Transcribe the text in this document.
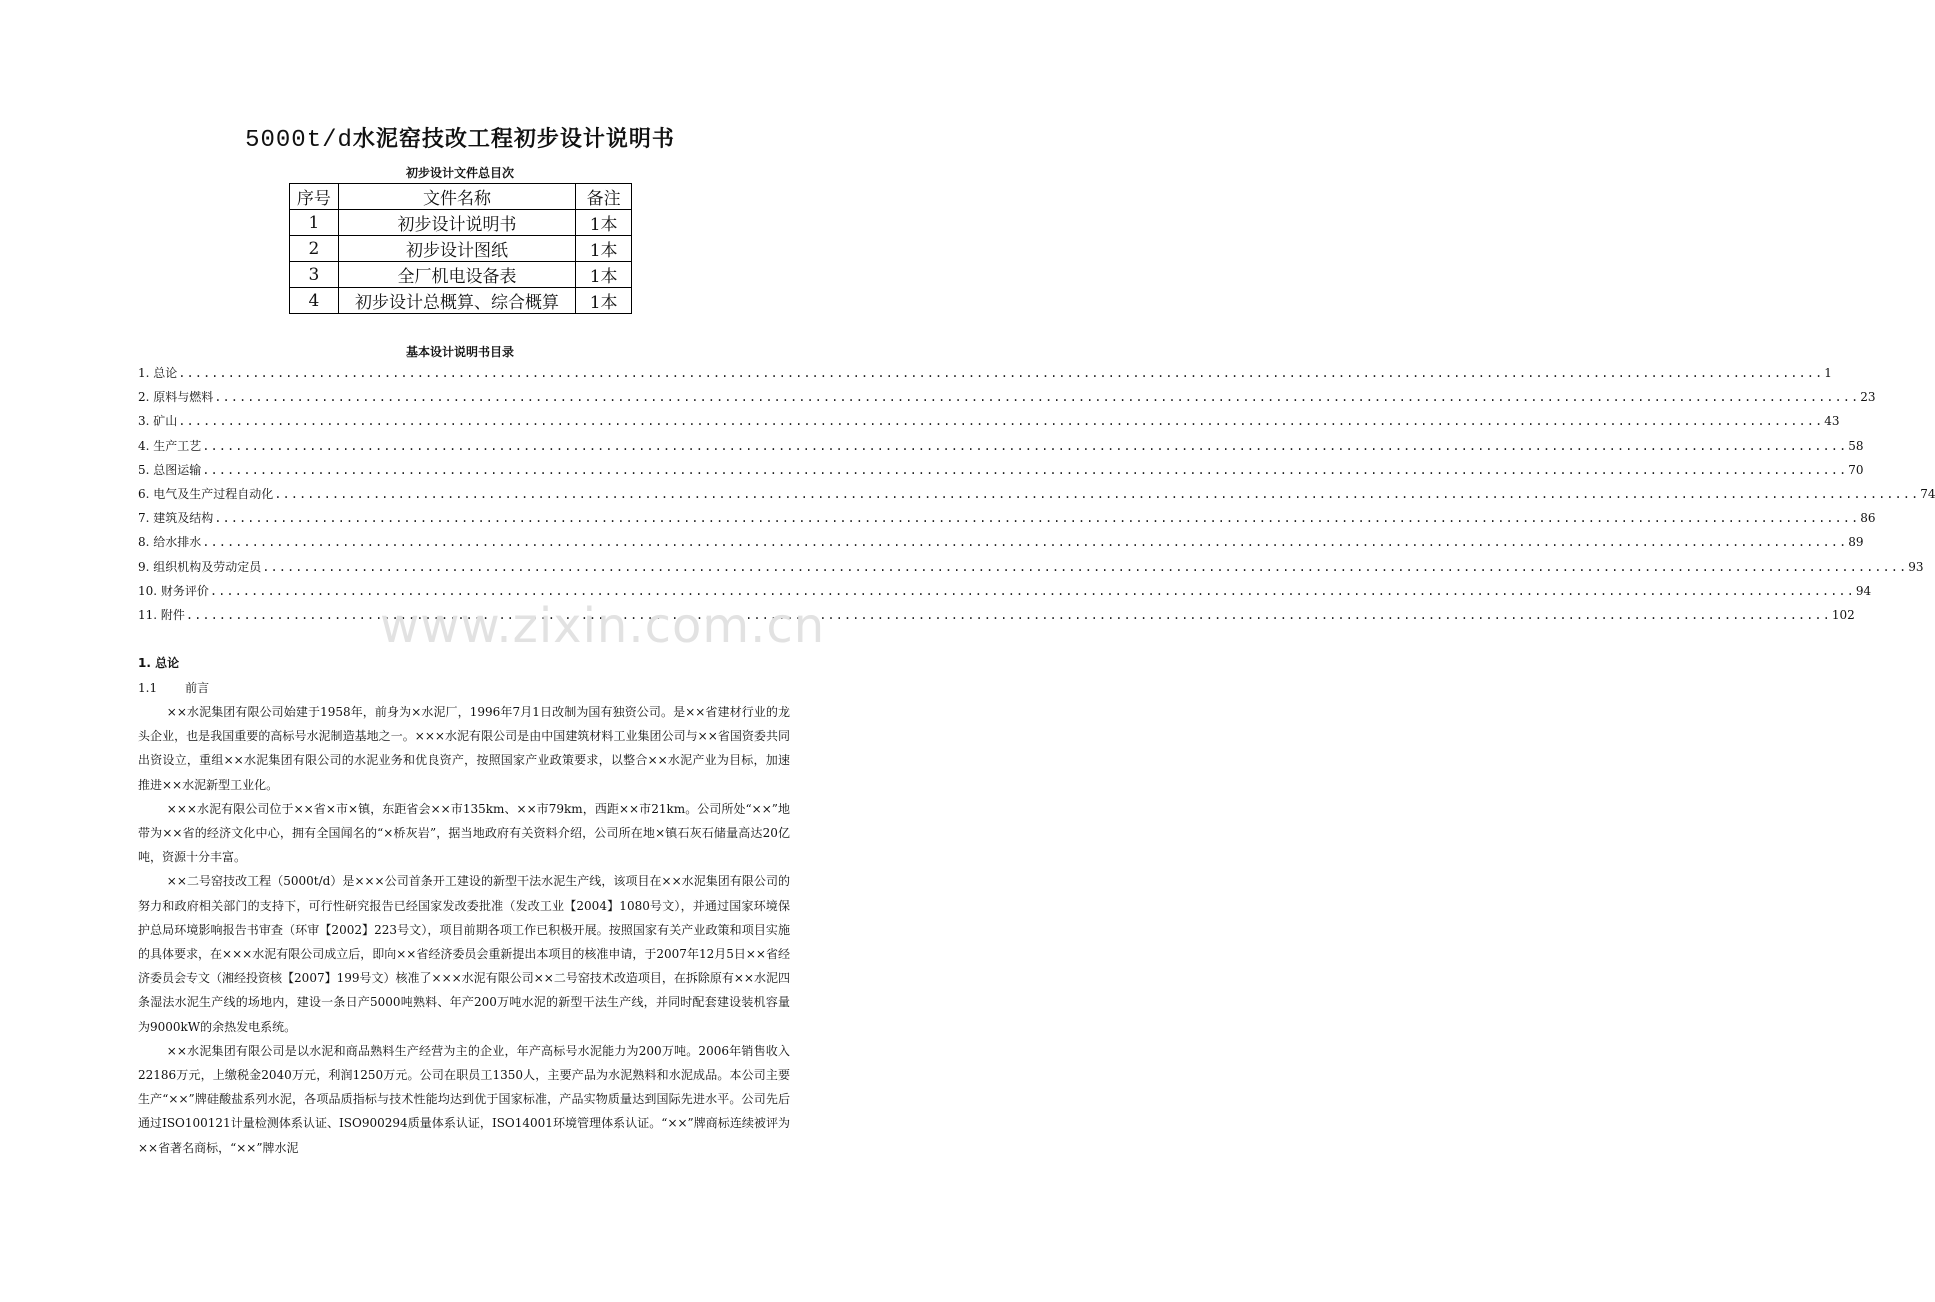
5000t/d水泥窑技改工程初步设计说明书
初步设计文件总目次
序号	文件名称	备注
1	初步设计说明书	1本
2	初步设计图纸	1本
3	全厂机电设备表	1本
4	初步设计总概算、综合概算	1本
基本设计说明书目录
1. 总论 ........................................................................................................................................................................................................ 1
2. 原料与燃料 ........................................................................................................................................................................................................ 23
3. 矿山 ........................................................................................................................................................................................................ 43
4. 生产工艺 ........................................................................................................................................................................................................ 58
5. 总图运输 ........................................................................................................................................................................................................ 70
6. 电气及生产过程自动化 ........................................................................................................................................................................................................ 74
7. 建筑及结构 ........................................................................................................................................................................................................ 86
8. 给水排水 ........................................................................................................................................................................................................ 89
9. 组织机构及劳动定员 ........................................................................................................................................................................................................ 93
10. 财务评价 ........................................................................................................................................................................................................ 94
11. 附件 ........................................................................................................................................................................................................ 102
www.zixin.com.cn
1. 总论
1.1 前言

××水泥集团有限公司始建于1958年，前身为×水泥厂，1996年7月1日改制为国有独资公司。是××省建材行业的龙头企业，也是我国重要的高标号水泥制造基地之一。×××水泥有限公司是由中国建筑材料工业集团公司与××省国资委共同出资设立，重组××水泥集团有限公司的水泥业务和优良资产，按照国家产业政策要求，以整合××水泥产业为目标，加速推进××水泥新型工业化。

×××水泥有限公司位于××省×市×镇，东距省会××市135km、××市79km，西距××市21km。公司所处“××”地带为××省的经济文化中心，拥有全国闻名的“×桥灰岩”，据当地政府有关资料介绍，公司所在地×镇石灰石储量高达20亿吨，资源十分丰富。

××二号窑技改工程（5000t/d）是×××公司首条开工建设的新型干法水泥生产线，该项目在××水泥集团有限公司的努力和政府相关部门的支持下，可行性研究报告已经国家发改委批准（发改工业【2004】1080号文），并通过国家环境保护总局环境影响报告书审查（环审【2002】223号文），项目前期各项工作已积极开展。按照国家有关产业政策和项目实施的具体要求，在×××水泥有限公司成立后，即向××省经济委员会重新提出本项目的核准申请，于2007年12月5日××省经济委员会专文（湘经投资核【2007】199号文）核准了×××水泥有限公司××二号窑技术改造项目，在拆除原有××水泥四条湿法水泥生产线的场地内，建设一条日产5000吨熟料、年产200万吨水泥的新型干法生产线，并同时配套建设装机容量为9000kW的余热发电系统。

××水泥集团有限公司是以水泥和商品熟料生产经营为主的企业，年产高标号水泥能力为200万吨。2006年销售收入22186万元，上缴税金2040万元，利润1250万元。公司在职员工1350人，主要产品为水泥熟料和水泥成品。本公司主要生产“××”牌硅酸盐系列水泥，各项品质指标与技术性能均达到优于国家标准，产品实物质量达到国际先进水平。公司先后通过ISO100121计量检测体系认证、ISO900294质量体系认证，ISO14001环境管理体系认证。“××”牌商标连续被评为××省著名商标，“××”牌水泥
